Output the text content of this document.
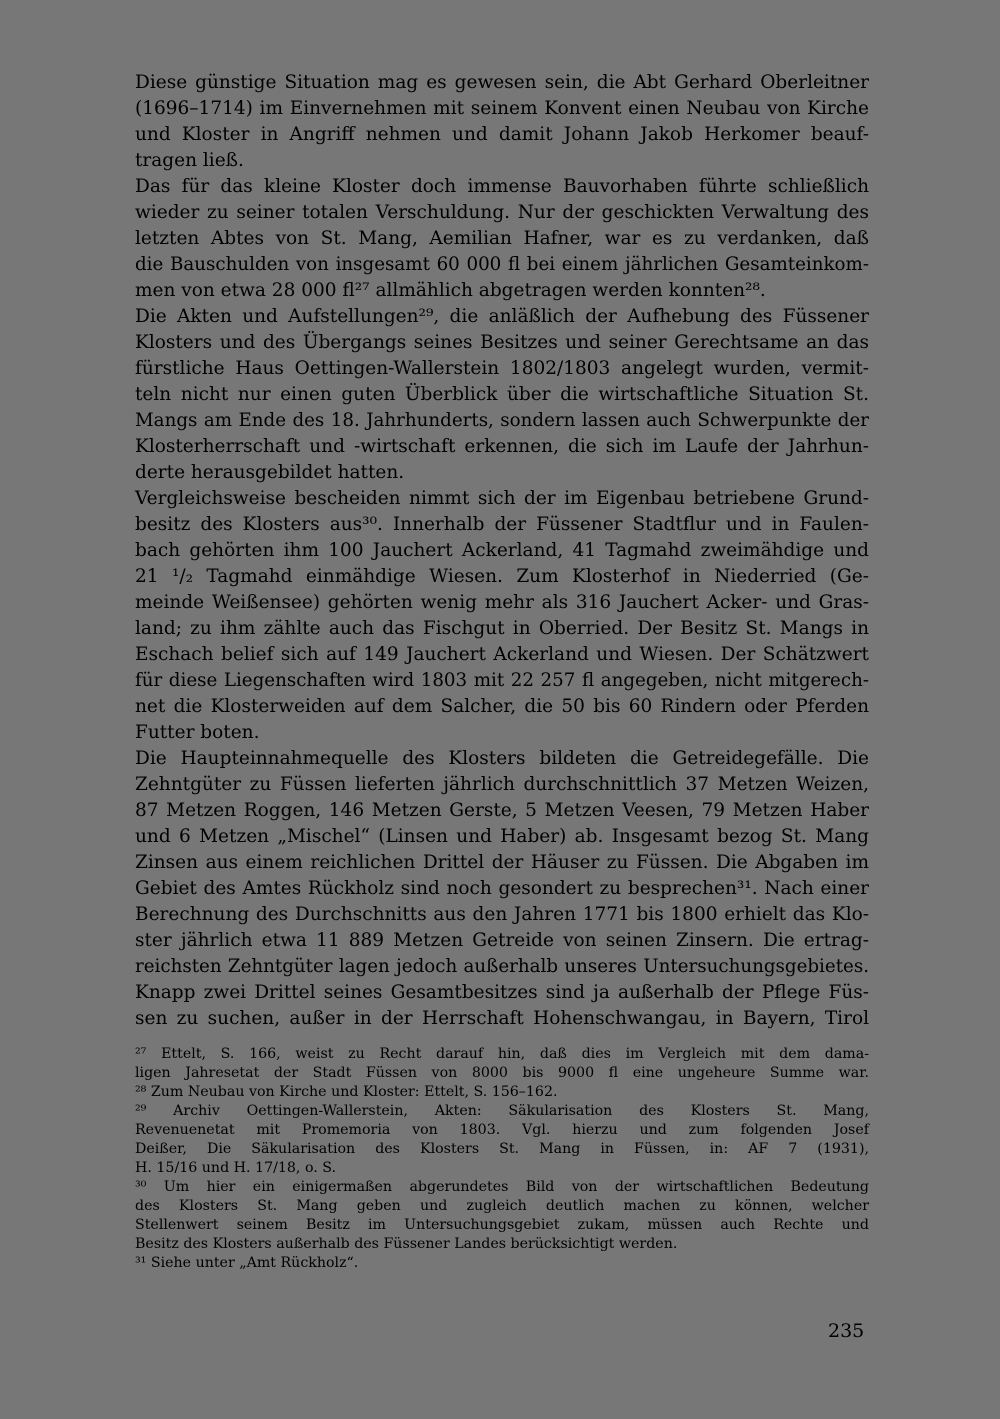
Diese günstige Situation mag es gewesen sein, die Abt Gerhard Oberleitner
(1696–1714) im Einvernehmen mit seinem Konvent einen Neubau von Kirche
und Kloster in Angriff nehmen und damit Johann Jakob Herkomer beauf-
tragen ließ.
Das für das kleine Kloster doch immense Bauvorhaben führte schließlich
wieder zu seiner totalen Verschuldung. Nur der geschickten Verwaltung des
letzten Abtes von St. Mang, Aemilian Hafner, war es zu verdanken, daß
die Bauschulden von insgesamt 60 000 fl bei einem jährlichen Gesamteinkom-
men von etwa 28 000 fl²⁷ allmählich abgetragen werden konnten²⁸.
Die Akten und Aufstellungen²⁹, die anläßlich der Aufhebung des Füssener
Klosters und des Übergangs seines Besitzes und seiner Gerechtsame an das
fürstliche Haus Oettingen-Wallerstein 1802/1803 angelegt wurden, vermit-
teln nicht nur einen guten Überblick über die wirtschaftliche Situation St.
Mangs am Ende des 18. Jahrhunderts, sondern lassen auch Schwerpunkte der
Klosterherrschaft und -wirtschaft erkennen, die sich im Laufe der Jahrhun-
derte herausgebildet hatten.
Vergleichsweise bescheiden nimmt sich der im Eigenbau betriebene Grund-
besitz des Klosters aus³⁰. Innerhalb der Füssener Stadtflur und in Faulen-
bach gehörten ihm 100 Jauchert Ackerland, 41 Tagmahd zweimähdige und
21 ¹/₂ Tagmahd einmähdige Wiesen. Zum Klosterhof in Niederried (Ge-
meinde Weißensee) gehörten wenig mehr als 316 Jauchert Acker- und Gras-
land; zu ihm zählte auch das Fischgut in Oberried. Der Besitz St. Mangs in
Eschach belief sich auf 149 Jauchert Ackerland und Wiesen. Der Schätzwert
für diese Liegenschaften wird 1803 mit 22 257 fl angegeben, nicht mitgerech-
net die Klosterweiden auf dem Salcher, die 50 bis 60 Rindern oder Pferden
Futter boten.
Die Haupteinnahmequelle des Klosters bildeten die Getreidegefälle. Die
Zehntgüter zu Füssen lieferten jährlich durchschnittlich 37 Metzen Weizen,
87 Metzen Roggen, 146 Metzen Gerste, 5 Metzen Veesen, 79 Metzen Haber
und 6 Metzen „Mischel“ (Linsen und Haber) ab. Insgesamt bezog St. Mang
Zinsen aus einem reichlichen Drittel der Häuser zu Füssen. Die Abgaben im
Gebiet des Amtes Rückholz sind noch gesondert zu besprechen³¹. Nach einer
Berechnung des Durchschnitts aus den Jahren 1771 bis 1800 erhielt das Klo-
ster jährlich etwa 11 889 Metzen Getreide von seinen Zinsern. Die ertrag-
reichsten Zehntgüter lagen jedoch außerhalb unseres Untersuchungsgebietes.
Knapp zwei Drittel seines Gesamtbesitzes sind ja außerhalb der Pflege Füs-
sen zu suchen, außer in der Herrschaft Hohenschwangau, in Bayern, Tirol
²⁷ Ettelt, S. 166, weist zu Recht darauf hin, daß dies im Vergleich mit dem dama-
ligen Jahresetat der Stadt Füssen von 8000 bis 9000 fl eine ungeheure Summe war.
²⁸ Zum Neubau von Kirche und Kloster: Ettelt, S. 156–162.
²⁹ Archiv Oettingen-Wallerstein, Akten: Säkularisation des Klosters St. Mang,
Revenuenetat mit Promemoria von 1803. Vgl. hierzu und zum folgenden Josef
Deißer, Die Säkularisation des Klosters St. Mang in Füssen, in: AF 7 (1931),
H. 15/16 und H. 17/18, o. S.
³⁰ Um hier ein einigermaßen abgerundetes Bild von der wirtschaftlichen Bedeutung
des Klosters St. Mang geben und zugleich deutlich machen zu können, welcher
Stellenwert seinem Besitz im Untersuchungsgebiet zukam, müssen auch Rechte und
Besitz des Klosters außerhalb des Füssener Landes berücksichtigt werden.
³¹ Siehe unter „Amt Rückholz“.
235
